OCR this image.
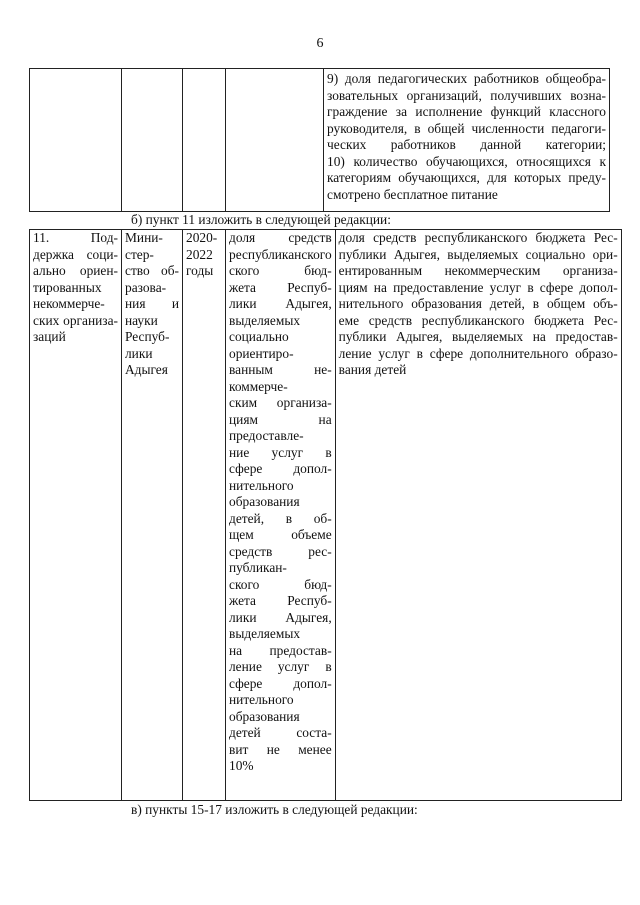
6

9) доля педагогических работников общеобра-
зовательных организаций, получивших возна-
граждение за исполнение функций классного
руководителя, в общей численности педагоги-
ческих работников данной категории;
10) количество обучающихся, относящихся к
категориям обучающихся, для которых преду-
смотрено бесплатное питание
б) пункт 11 изложить в следующей редакции:
11. Под-
держка соци-
ально ориен-
тированных
некоммерче-
ских организа-
заций

Мини-
стер-
ство об-
разова-
ния и
науки
Респуб-
лики
Адыгея

2020-
2022
годы

доля средств
республиканского
ского бюд-
жета Респуб-
лики Адыгея,
выделяемых
социально
ориентиро-
ванным не-
коммерче-
ским организа-
циям на
предоставле-
ние услуг в
сфере допол-
нительного
образования
детей, в об-
щем объеме
средств рес-
публикан-
ского бюд-
жета Респуб-
лики Адыгея,
выделяемых
на предостав-
ление услуг в
сфере допол-
нительного
образования
детей соста-
вит не менее
10%

доля средств республиканского бюджета Рес-
публики Адыгея, выделяемых социально ори-
ентированным некоммерческим организа-
циям на предоставление услуг в сфере допол-
нительного образования детей, в общем объ-
еме средств республиканского бюджета Рес-
публики Адыгея, выделяемых на предостав-
ление услуг в сфере дополнительного образо-
вания детей
в) пункты 15-17 изложить в следующей редакции:
